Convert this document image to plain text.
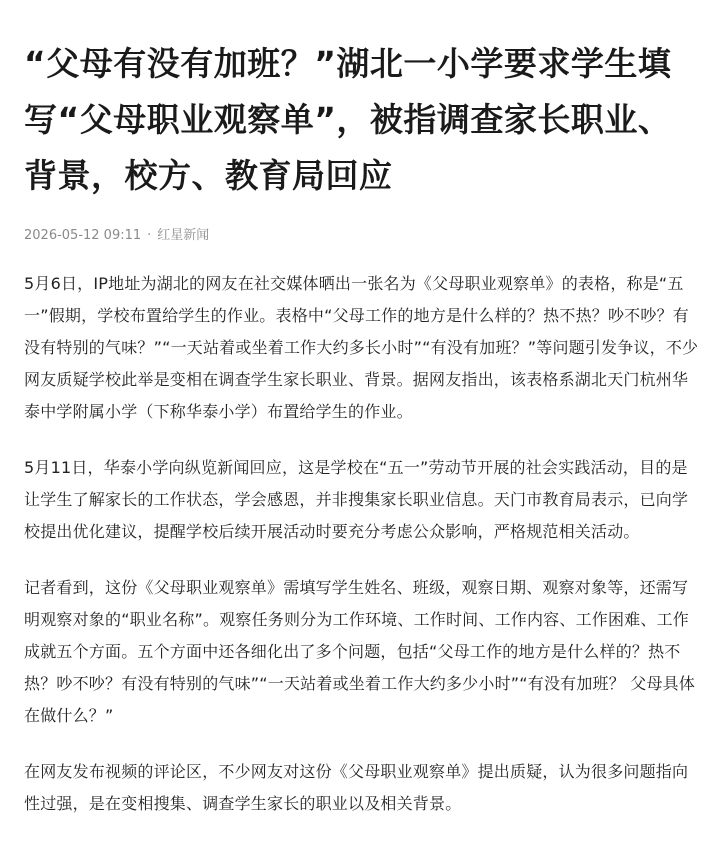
“父母有没有加班？”湖北一小学要求学生填写“父母职业观察单”，被指调查家长职业、背景，校方、教育局回应
2026-05-12 09:11 · 红星新闻

5月6日，IP地址为湖北的网友在社交媒体晒出一张名为《父母职业观察单》的表格，称是“五一”假期，学校布置给学生的作业。表格中“父母工作的地方是什么样的？热不热？吵不吵？有没有特别的气味？”“一天站着或坐着工作大约多长小时”“有没有加班？”等问题引发争议，不少网友质疑学校此举是变相在调查学生家长职业、背景。据网友指出，该表格系湖北天门杭州华泰中学附属小学（下称华泰小学）布置给学生的作业。

5月11日，华泰小学向纵览新闻回应，这是学校在“五一”劳动节开展的社会实践活动，目的是让学生了解家长的工作状态，学会感恩，并非搜集家长职业信息。天门市教育局表示，已向学校提出优化建议，提醒学校后续开展活动时要充分考虑公众影响，严格规范相关活动。

记者看到，这份《父母职业观察单》需填写学生姓名、班级，观察日期、观察对象等，还需写明观察对象的“职业名称”。观察任务则分为工作环境、工作时间、工作内容、工作困难、工作成就五个方面。五个方面中还各细化出了多个问题，包括“父母工作的地方是什么样的？热不热？吵不吵？有没有特别的气味”“一天站着或坐着工作大约多少小时”“有没有加班？ 父母具体在做什么？”

在网友发布视频的评论区，不少网友对这份《父母职业观察单》提出质疑，认为很多问题指向性过强，是在变相搜集、调查学生家长的职业以及相关背景。
